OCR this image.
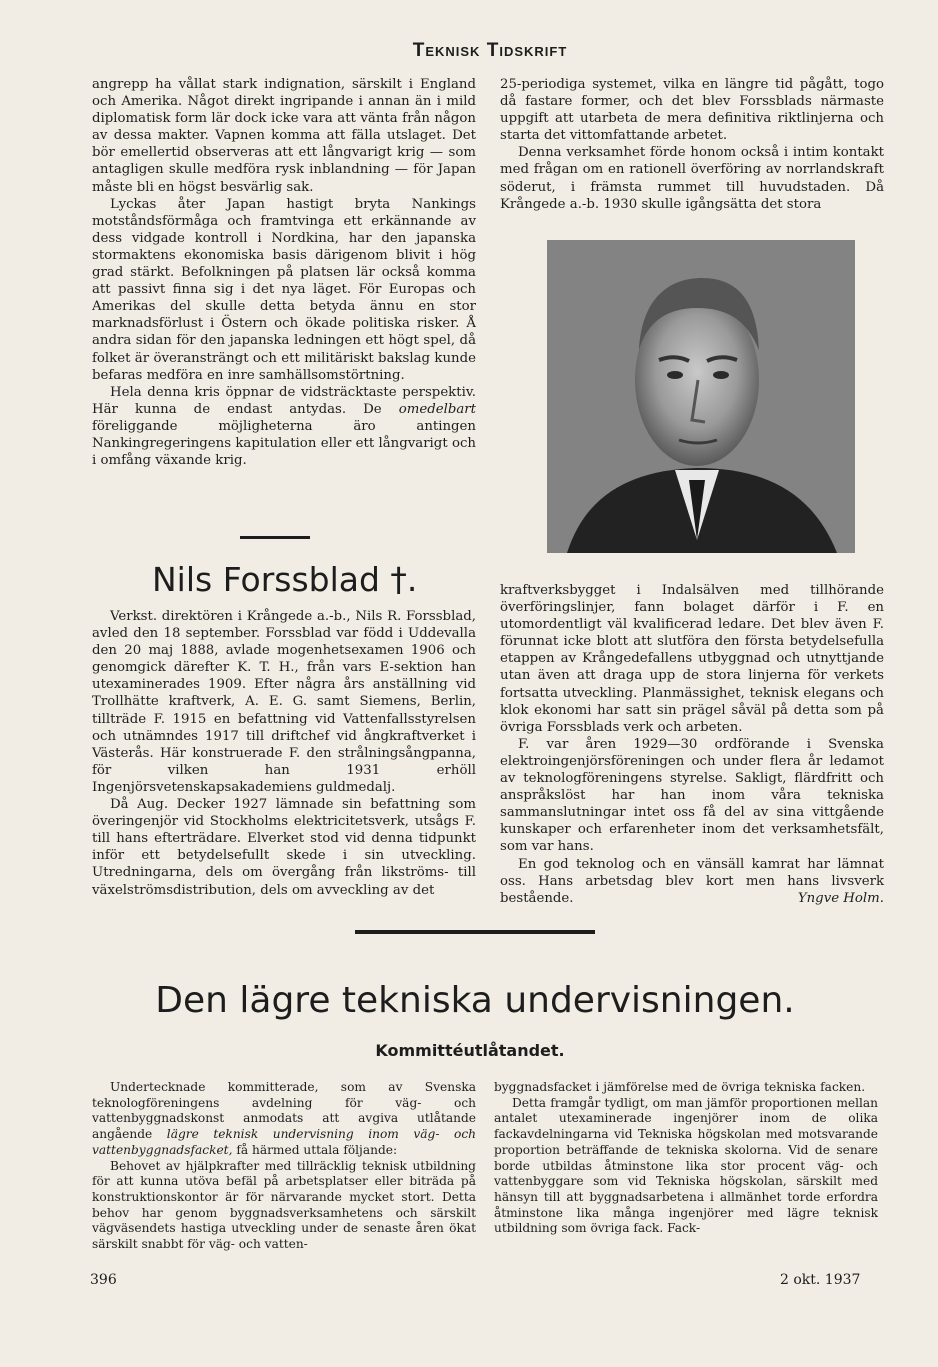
Teknisk Tidskrift

angrepp ha vållat stark indignation, särskilt i England och Amerika. Något direkt ingripande i annan än i mild diplomatisk form lär dock icke vara att vänta från någon av dessa makter. Vapnen komma att fälla utslaget. Det bör emellertid observeras att ett långvarigt krig — som antagligen skulle medföra rysk inblandning — för Japan måste bli en högst besvärlig sak.

Lyckas åter Japan hastigt bryta Nankings motståndsförmåga och framtvinga ett erkännande av dess vidgade kontroll i Nordkina, har den japanska stormaktens ekonomiska basis därigenom blivit i hög grad stärkt. Befolkningen på platsen lär också komma att passivt finna sig i det nya läget. För Europas och Amerikas del skulle detta betyda ännu en stor marknadsförlust i Östern och ökade politiska risker. Å andra sidan för den japanska ledningen ett högt spel, då folket är överansträngt och ett militäriskt bakslag kunde befaras medföra en inre samhällsomstörtning.

Hela denna kris öppnar de vidsträcktaste perspektiv. Här kunna de endast antydas. De omedelbart föreliggande möjligheterna äro antingen Nankingregeringens kapitulation eller ett långvarigt och i omfång växande krig.

25-periodiga systemet, vilka en längre tid pågått, togo då fastare former, och det blev Forssblads närmaste uppgift att utarbeta de mera definitiva riktlinjerna och starta det vittomfattande arbetet.

Denna verksamhet förde honom också i intim kontakt med frågan om en rationell överföring av norrlandskraft söderut, i främsta rummet till huvudstaden. Då Krångede a.-b. 1930 skulle igångsätta det stora

Nils Forssblad †.

Verkst. direktören i Krångede a.-b., Nils R. Forssblad, avled den 18 september. Forssblad var född i Uddevalla den 20 maj 1888, avlade mogenhetsexamen 1906 och genomgick därefter K. T. H., från vars E-sektion han utexaminerades 1909. Efter några års anställning vid Trollhätte kraftverk, A. E. G. samt Siemens, Berlin, tillträde F. 1915 en befattning vid Vattenfallsstyrelsen och utnämndes 1917 till driftchef vid ångkraftverket i Västerås. Här konstruerade F. den strålningsångpanna, för vilken han 1931 erhöll Ingenjörsvetenskapsakademiens guldmedalj.

Då Aug. Decker 1927 lämnade sin befattning som överingenjör vid Stockholms elektricitetsverk, utsågs F. till hans efterträdare. Elverket stod vid denna tidpunkt inför ett betydelsefullt skede i sin utveckling. Utredningarna, dels om övergång från likströms- till växelströmsdistribution, dels om avveckling av det

kraftverksbygget i Indalsälven med tillhörande överföringslinjer, fann bolaget därför i F. en utomordentligt väl kvalificerad ledare. Det blev även F. förunnat icke blott att slutföra den första betydelsefulla etappen av Krångedefallens utbyggnad och utnyttjande utan även att draga upp de stora linjerna för verkets fortsatta utveckling. Planmässighet, teknisk elegans och klok ekonomi har satt sin prägel såväl på detta som på övriga Forssblads verk och arbeten.

F. var åren 1929—30 ordförande i Svenska elektroingenjörsföreningen och under flera år ledamot av teknologföreningens styrelse. Sakligt, flärdfritt och anspråkslöst har han inom våra tekniska sammanslutningar intet oss få del av sina vittgående kunskaper och erfarenheter inom det verksamhetsfält, som var hans.

En god teknolog och en vänsäll kamrat har lämnat oss. Hans arbetsdag blev kort men hans livsverk bestående.	Yngve Holm.
Den lägre tekniska undervisningen.
Kommittéutlåtandet.

Undertecknade kommitterade, som av Svenska teknologföreningens avdelning för väg- och vattenbyggnadskonst anmodats att avgiva utlåtande angående lägre teknisk undervisning inom väg- och vattenbyggnadsfacket, få härmed uttala följande:

Behovet av hjälpkrafter med tillräcklig teknisk utbildning för att kunna utöva befäl på arbetsplatser eller biträda på konstruktionskontor är för närvarande mycket stort. Detta behov har genom byggnadsverksamhetens och särskilt vägväsendets hastiga utveckling under de senaste åren ökat särskilt snabbt för väg- och vatten-

byggnadsfacket i jämförelse med de övriga tekniska facken.

Detta framgår tydligt, om man jämför proportionen mellan antalet utexaminerade ingenjörer inom de olika fackavdelningarna vid Tekniska högskolan med motsvarande proportion beträffande de tekniska skolorna. Vid de senare borde utbildas åtminstone lika stor procent väg- och vattenbyggare som vid Tekniska högskolan, särskilt med hänsyn till att byggnadsarbetena i allmänhet torde erfordra åtminstone lika många ingenjörer med lägre teknisk utbildning som övriga fack. Fack-

396	2 okt. 1937
